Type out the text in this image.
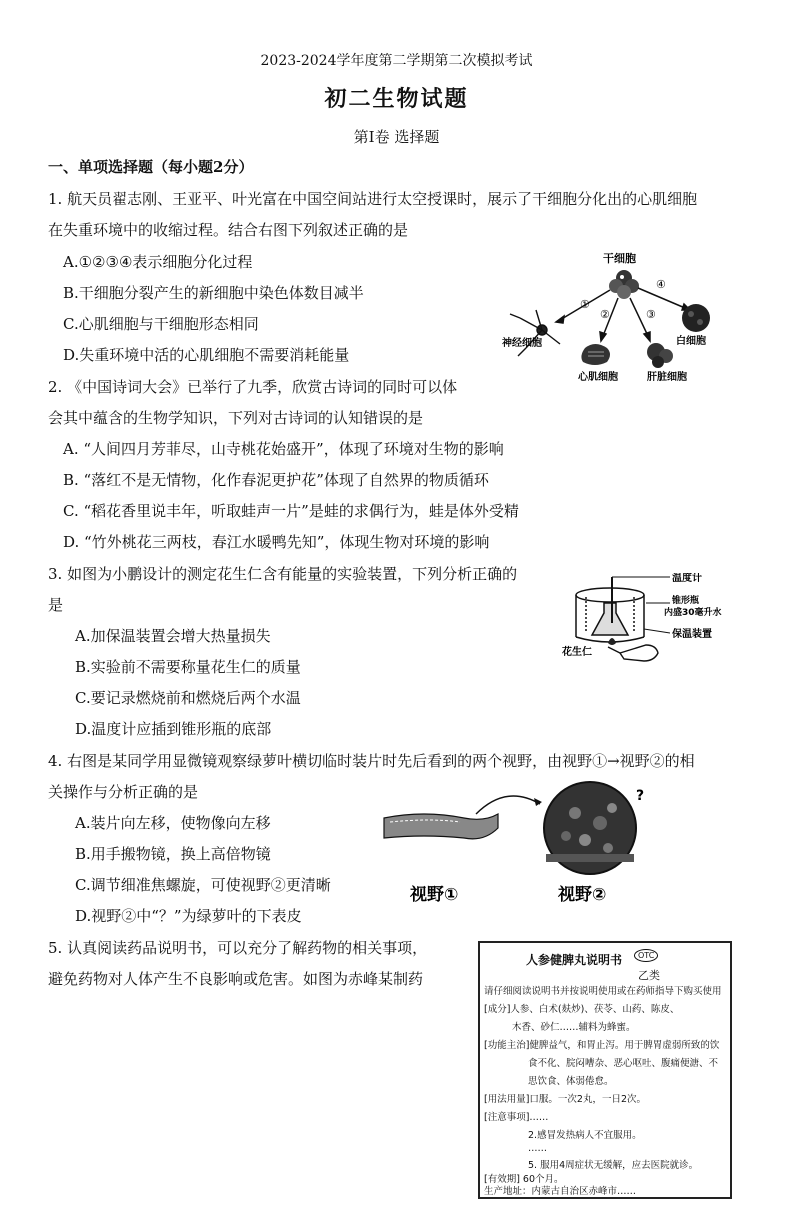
2023-2024学年度第二学期第二次模拟考试
初二生物试题
第Ⅰ卷 选择题
一、单项选择题（每小题2分）
1. 航天员翟志刚、王亚平、叶光富在中国空间站进行太空授课时，展示了干细胞分化出的心肌细胞
在失重环境中的收缩过程。结合右图下列叙述正确的是
A.①②③④表示细胞分化过程
B.干细胞分裂产生的新细胞中染色体数目减半
C.心肌细胞与干细胞形态相同
D.失重环境中活的心肌细胞不需要消耗能量
干细胞
①
②	③
④
神经细胞
心肌细胞	肝脏细胞
白细胞
2. 《中国诗词大会》已举行了九季，欣赏古诗词的同时可以体
会其中蕴含的生物学知识，下列对古诗词的认知错误的是
A. “人间四月芳菲尽，山寺桃花始盛开”，体现了环境对生物的影响
B. “落红不是无情物，化作春泥更护花”体现了自然界的物质循环
C. “稻花香里说丰年，听取蛙声一片”是蛙的求偶行为，蛙是体外受精
D. “竹外桃花三两枝，春江水暖鸭先知”，体现生物对环境的影响
3. 如图为小鹏设计的测定花生仁含有能量的实验装置，下列分析正确的
是
A.加保温装置会增大热量损失
B.实验前不需要称量花生仁的质量
C.要记录燃烧前和燃烧后两个水温
D.温度计应插到锥形瓶的底部
温度计
锥形瓶
内盛30毫升水
保温装置
花生仁
4. 右图是某同学用显微镜观察绿萝叶横切临时装片时先后看到的两个视野，由视野①→视野②的相
关操作与分析正确的是
A.装片向左移，使物像向左移
B.用手搬物镜，换上高倍物镜
C.调节细准焦螺旋，可使视野②更清晰
D.视野②中“？”为绿萝叶的下表皮
?
视野①	视野②
5. 认真阅读药品说明书，可以充分了解药物的相关事项，
避免药物对人体产生不良影响或危害。如图为赤峰某制药
人参健脾丸说明书	OTC
乙类
请仔细阅读说明书并按说明使用或在药师指导下购买使用
[成分]人参、白术(麸炒)、茯苓、山药、陈皮、
木香、砂仁……辅料为蜂蜜。
[功能主治]健脾益气，和胃止泻。用于脾胃虚弱所致的饮
食不化、脘闷嘈杂、恶心呕吐、腹痛便溏、不
思饮食、体弱倦怠。
[用法用量]口服。一次2丸，一日2次。
[注意事项]……
2.感冒发热病人不宜服用。
……
5. 服用4周症状无缓解，应去医院就诊。
[有效期] 60个月。
生产地址：内蒙古自治区赤峰市……
